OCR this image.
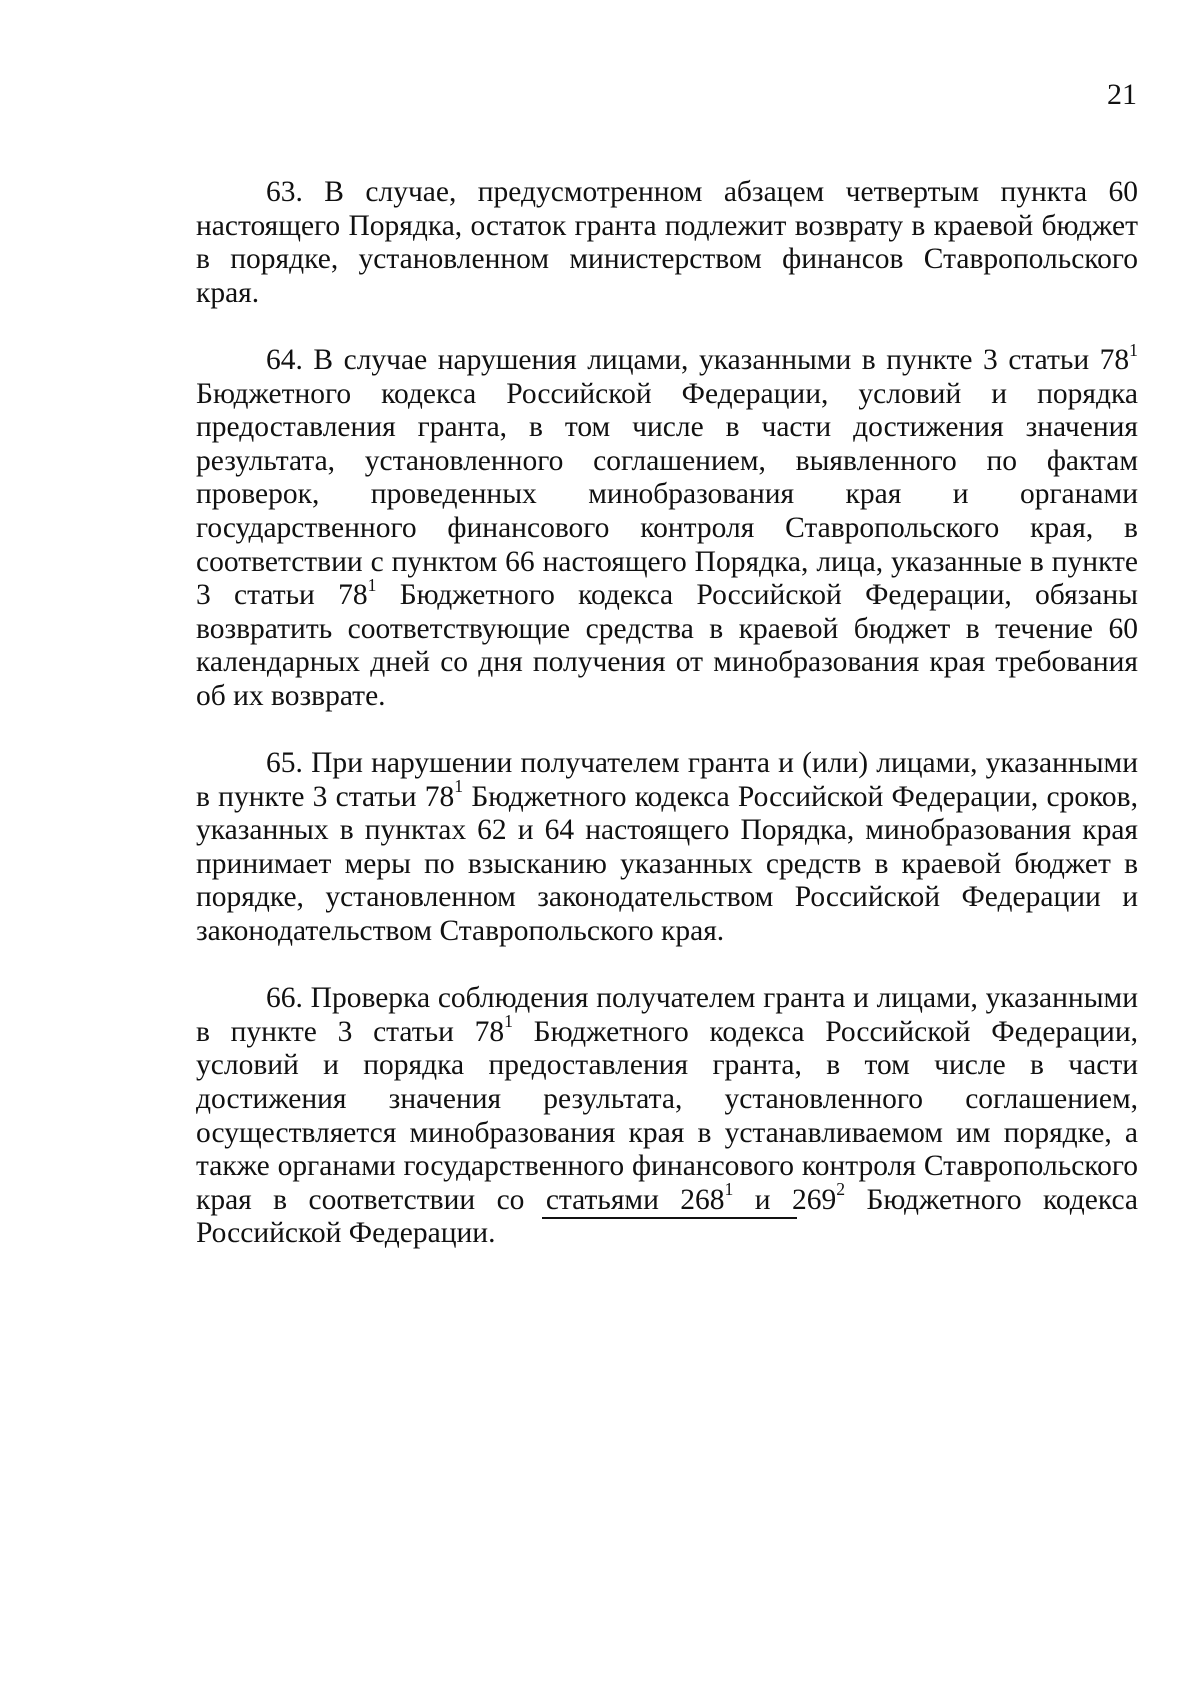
21

63. В случае, предусмотренном абзацем четвертым пункта 60 настоящего Порядка, остаток гранта подлежит возврату в краевой бюджет в порядке, установленном министерством финансов Ставропольского края.

64. В случае нарушения лицами, указанными в пункте 3 статьи $78^1$ Бюджетного кодекса Российской Федерации, условий и порядка предоставления гранта, в том числе в части достижения значения результата, установленного соглашением, выявленного по фактам проверок, проведенных минобразования края и органами государственного финансового контроля Ставропольского края, в соответствии с пунктом 66 настоящего Порядка, лица, указанные в пункте 3 статьи $78^1$ Бюджетного кодекса Российской Федерации, обязаны возвратить соответствующие средства в краевой бюджет в течение 60 календарных дней со дня получения от минобразования края требования об их возврате.

65. При нарушении получателем гранта и (или) лицами, указанными в пункте 3 статьи $78^1$ Бюджетного кодекса Российской Федерации, сроков, указанных в пунктах 62 и 64 настоящего Порядка, минобразования края принимает меры по взысканию указанных средств в краевой бюджет в порядке, установленном законодательством Российской Федерации и законодательством Ставропольского края.

66. Проверка соблюдения получателем гранта и лицами, указанными в пункте 3 статьи $78^1$ Бюджетного кодекса Российской Федерации, условий и порядка предоставления гранта, в том числе в части достижения значения результата, установленного соглашением, осуществляется минобразования края в устанавливаемом им порядке, а также органами государственного финансового контроля Ставропольского края в соответствии со статьями $268^1$ и $269^2$ Бюджетного кодекса Российской Федерации.
